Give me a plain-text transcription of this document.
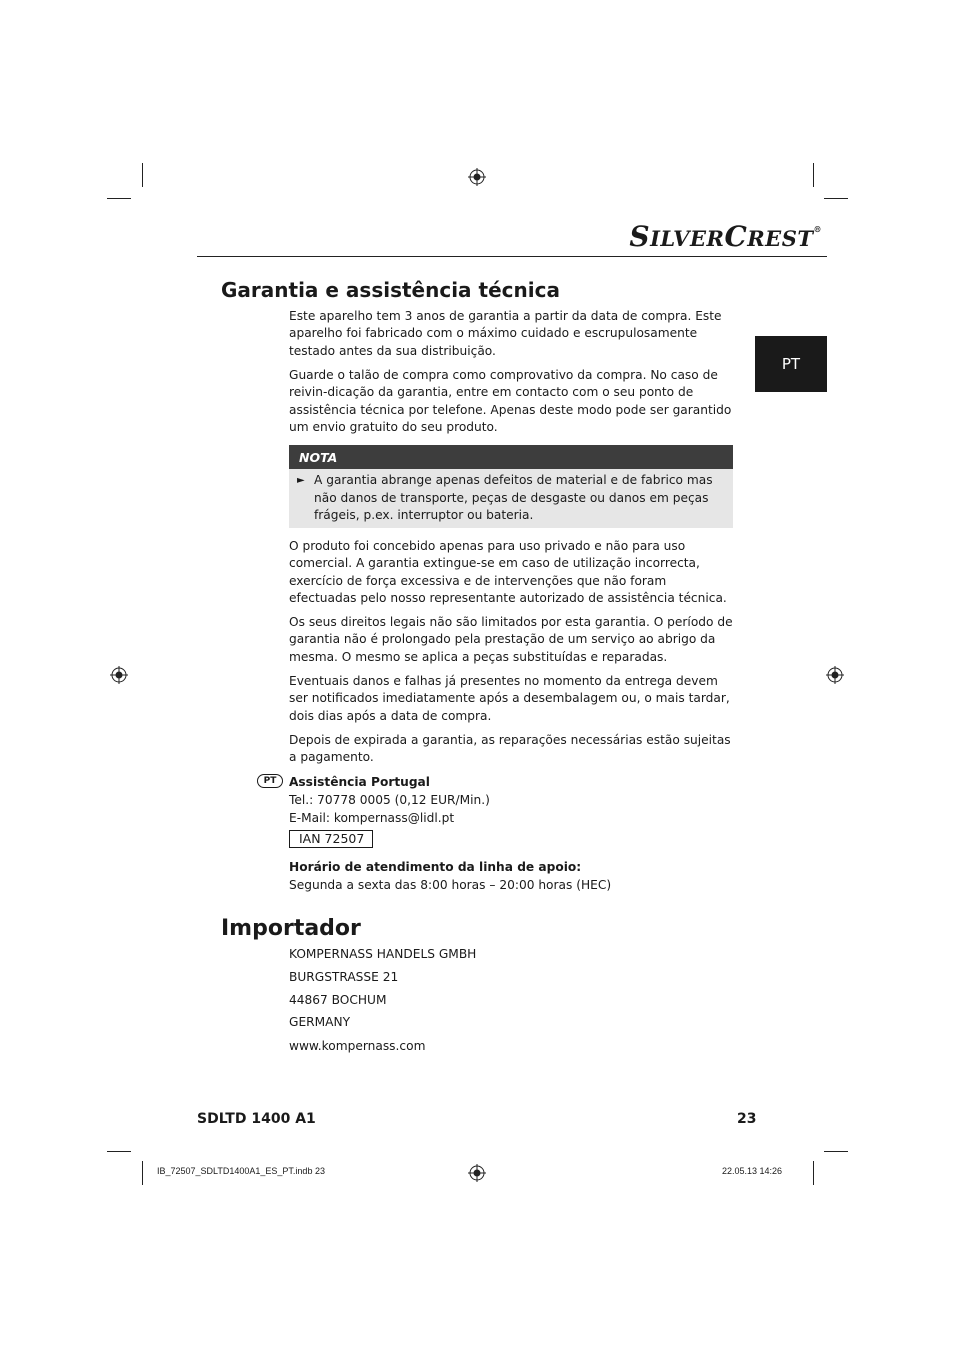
SILVERCREST®
PT
Garantia e assistência técnica

Este aparelho tem 3 anos de garantia a partir da data de compra. Este aparelho foi fabricado com o máximo cuidado e escrupulosamente testado antes da sua distribuição.

Guarde o talão de compra como comprovativo da compra. No caso de reivin-dicação da garantia, entre em contacto com o seu ponto de assistência técnica por telefone. Apenas deste modo pode ser garantido um envio gratuito do seu produto.

NOTA
► A garantia abrange apenas defeitos de material e de fabrico mas não danos de transporte, peças de desgaste ou danos em peças frágeis, p.ex. interruptor ou bateria.

O produto foi concebido apenas para uso privado e não para uso comercial. A garantia extingue-se em caso de utilização incorrecta, exercício de força excessiva e de intervenções que não foram efectuadas pelo nosso representante autorizado de assistência técnica.

Os seus direitos legais não são limitados por esta garantia. O período de garantia não é prolongado pela prestação de um serviço ao abrigo da mesma. O mesmo se aplica a peças substituídas e reparadas.

Eventuais danos e falhas já presentes no momento da entrega devem ser notificados imediatamente após a desembalagem ou, o mais tardar, dois dias após a data de compra.

Depois de expirada a garantia, as reparações necessárias estão sujeitas a pagamento.

PT	Assistência Portugal

Tel.: 70778 0005 (0,12 EUR/Min.)

E-Mail: kompernass@lidl.pt

IAN 72507

Horário de atendimento da linha de apoio:

Segunda a sexta das 8:00 horas – 20:00 horas (HEC)

Importador
KOMPERNASS HANDELS GMBH
BURGSTRASSE 21
44867 BOCHUM
GERMANY
www.kompernass.com
SDLTD 1400 A1	23
IB_72507_SDLTD1400A1_ES_PT.indb 23	22.05.13 14:26
